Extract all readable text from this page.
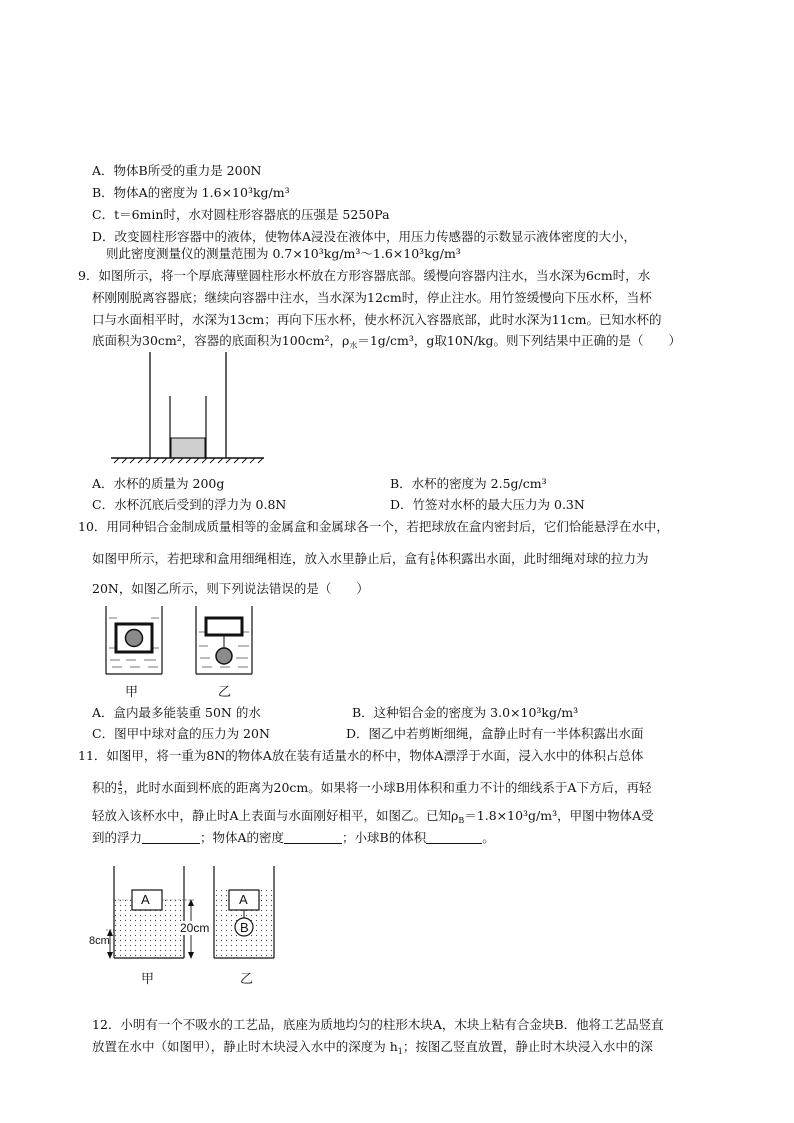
A．物体B所受的重力是 200N
B．物体A的密度为 1.6×10³kg/m³
C．t＝6min时，水对圆柱形容器底的压强是 5250Pa
D．改变圆柱形容器中的液体，使物体A浸没在液体中，用压力传感器的示数显示液体密度的大小，
则此密度测量仪的测量范围为 0.7×10³kg/m³～1.6×10³kg/m³
9．如图所示，将一个厚底薄壁圆柱形水杯放在方形容器底部。缓慢向容器内注水，当水深为6cm时，水
杯刚刚脱离容器底；继续向容器中注水，当水深为12cm时，停止注水。用竹签缓慢向下压水杯，当杯
口与水面相平时，水深为13cm；再向下压水杯，使水杯沉入容器底部，此时水深为11cm。已知水杯的
底面积为30cm²，容器的底面积为100cm²，$\rho_水=1g$/cm³，g取10N/kg。则下列结果中正确的是（　　）
A．水杯的质量为 200g	B．水杯的密度为 2.5g/cm³
C．水杯沉底后受到的浮力为 0.8N	D．竹签对水杯的最大压力为 0.3N
10．用同种铝合金制成质量相等的金属盒和金属球各一个，若把球放在盒内密封后，它们恰能悬浮在水中，
如图甲所示，若把球和盒用细绳相连，放入水里静止后，盒有 $\frac{1}{6}$ 体积露出水面，此时细绳对球的拉力为
20N，如图乙所示，则下列说法错误的是（　　）
甲	乙
A．盒内最多能装重 50N 的水	B．这种铝合金的密度为 3.0×10³kg/m³
C．图甲中球对盒的压力为 20N	D．图乙中若剪断细绳，盒静止时有一半体积露出水面
11．如图甲，将一重为8N的物体A放在装有适量水的杯中，物体A漂浮于水面，浸入水中的体积占总体
积的 $\frac{4}{5}$ ，此时水面到杯底的距离为20cm。如果将一小球B用体积和重力不计的细线系于A下方后，再轻
轻放入该杯水中，静止时A上表面与水面刚好相平，如图乙。已知$\rho_B=1.8\times 10^3g/m^3$，甲图中物体A受
到的浮力	；物体A的密度	；小球B的体积	。
A
20cm
8cm
A
B
甲	乙
12．小明有一个不吸水的工艺品，底座为质地均匀的柱形木块A，木块上粘有合金块B．他将工艺品竖直
放置在水中（如图甲），静止时木块浸入水中的深度为 $h_1$；按图乙竖直放置，静止时木块浸入水中的深
